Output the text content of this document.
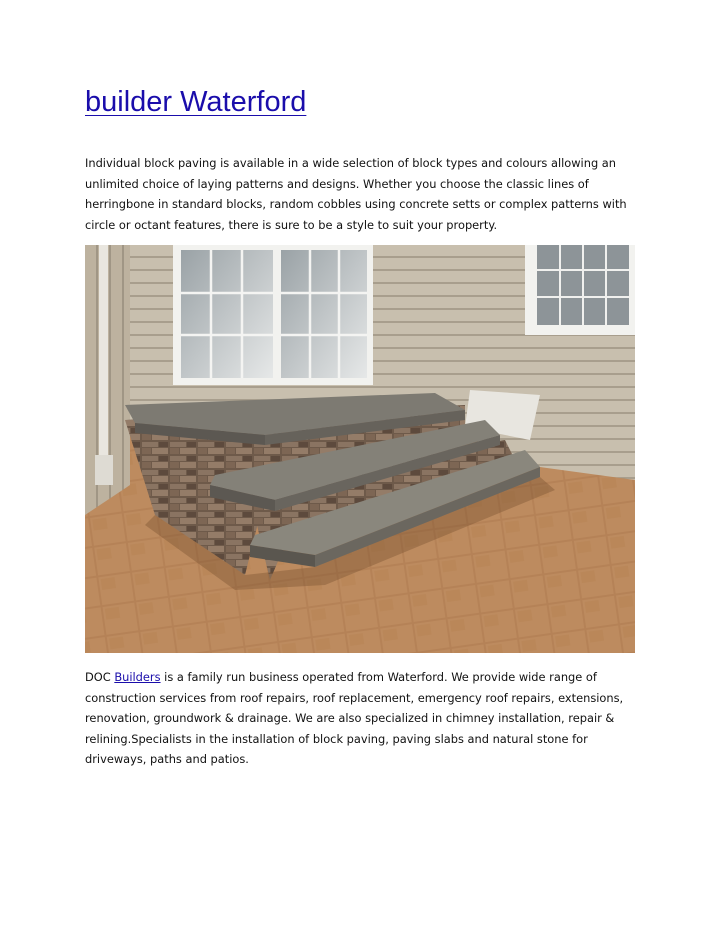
builder Waterford

Individual block paving is available in a wide selection of block types and colours allowing an unlimited choice of laying patterns and designs. Whether you choose the classic lines of herringbone in standard blocks, random cobbles using concrete setts or complex patterns with circle or octant features, there is sure to be a style to suit your property.

DOC Builders is a family run business operated from Waterford. We provide wide range of construction services from roof repairs, roof replacement, emergency roof repairs, extensions, renovation, groundwork & drainage. We are also specialized in chimney installation, repair & relining.Specialists in the installation of block paving, paving slabs and natural stone for driveways, paths and patios.
